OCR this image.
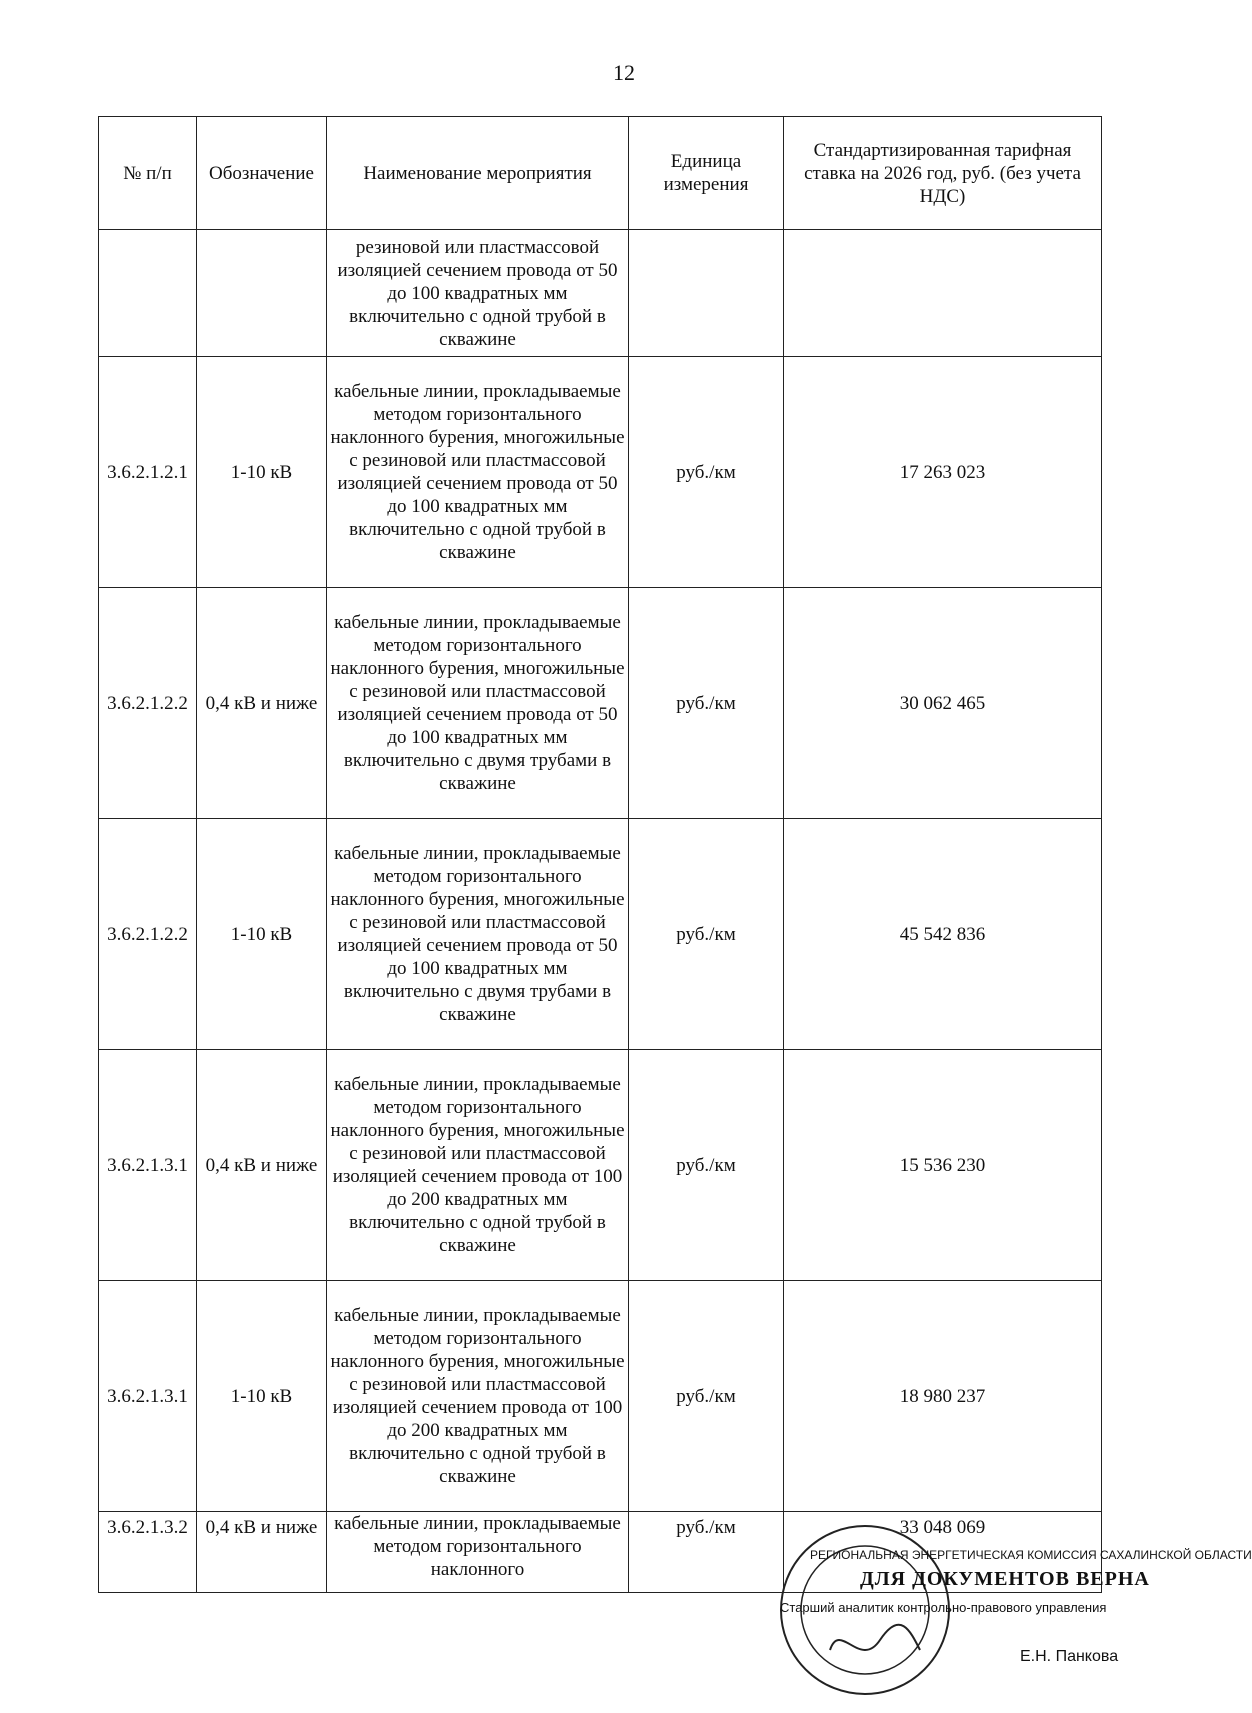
12
№ п/п	Обозначение	Наименование мероприятия	Единица измерения	Стандартизированная тарифная ставка на 2026 год, руб. (без учета НДС)
		резиновой или пластмассовой изоляцией сечением провода от 50 до 100 квадратных мм включительно с одной трубой в скважине		
3.6.2.1.2.1	1-10 кВ	кабельные линии, прокладываемые методом горизонтального наклонного бурения, многожильные с резиновой или пластмассовой изоляцией сечением провода от 50 до 100 квадратных мм включительно с одной трубой в скважине	руб./км	17 263 023
3.6.2.1.2.2	0,4 кВ и ниже	кабельные линии, прокладываемые методом горизонтального наклонного бурения, многожильные с резиновой или пластмассовой изоляцией сечением провода от 50 до 100 квадратных мм включительно с двумя трубами в скважине	руб./км	30 062 465
3.6.2.1.2.2	1-10 кВ	кабельные линии, прокладываемые методом горизонтального наклонного бурения, многожильные с резиновой или пластмассовой изоляцией сечением провода от 50 до 100 квадратных мм включительно с двумя трубами в скважине	руб./км	45 542 836
3.6.2.1.3.1	0,4 кВ и ниже	кабельные линии, прокладываемые методом горизонтального наклонного бурения, многожильные с резиновой или пластмассовой изоляцией сечением провода от 100 до 200 квадратных мм включительно с одной трубой в скважине	руб./км	15 536 230
3.6.2.1.3.1	1-10 кВ	кабельные линии, прокладываемые методом горизонтального наклонного бурения, многожильные с резиновой или пластмассовой изоляцией сечением провода от 100 до 200 квадратных мм включительно с одной трубой в скважине	руб./км	18 980 237
3.6.2.1.3.2	0,4 кВ и ниже	кабельные линии, прокладываемые методом горизонтального наклонного	руб./км	33 048 069
РЕГИОНАЛЬНАЯ ЭНЕРГЕТИЧЕСКАЯ КОМИССИЯ САХАЛИНСКОЙ ОБЛАСТИ
ДЛЯ ДОКУМЕНТОВ ВЕРНА
Старший аналитик контрольно-правового управления
Е.Н. Панкова
